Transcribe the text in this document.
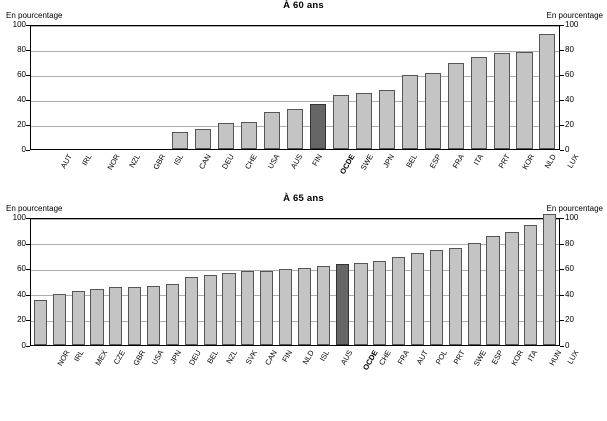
À 60 ans
En pourcentage	En pourcentage
0	0
20	20
40	40
60	60
80	80
100	100
AUT IRL NOR NZL GBR ISL CAN DEU CHE USA AUS FIN OCDE SWE JPN BEL ESP FRA ITA PRT KOR NLD LUX
À 65 ans
En pourcentage	En pourcentage
0	0
20	20
40	40
60	60
80	80
100	100
NOR IRL MEX CZE GBR USA JPN DEU BEL NZL SVK CAN FIN NLD ISL AUS OCDE
CHE FRA AUT POL PRT SWE ESP KOR ITA HUN LUX
